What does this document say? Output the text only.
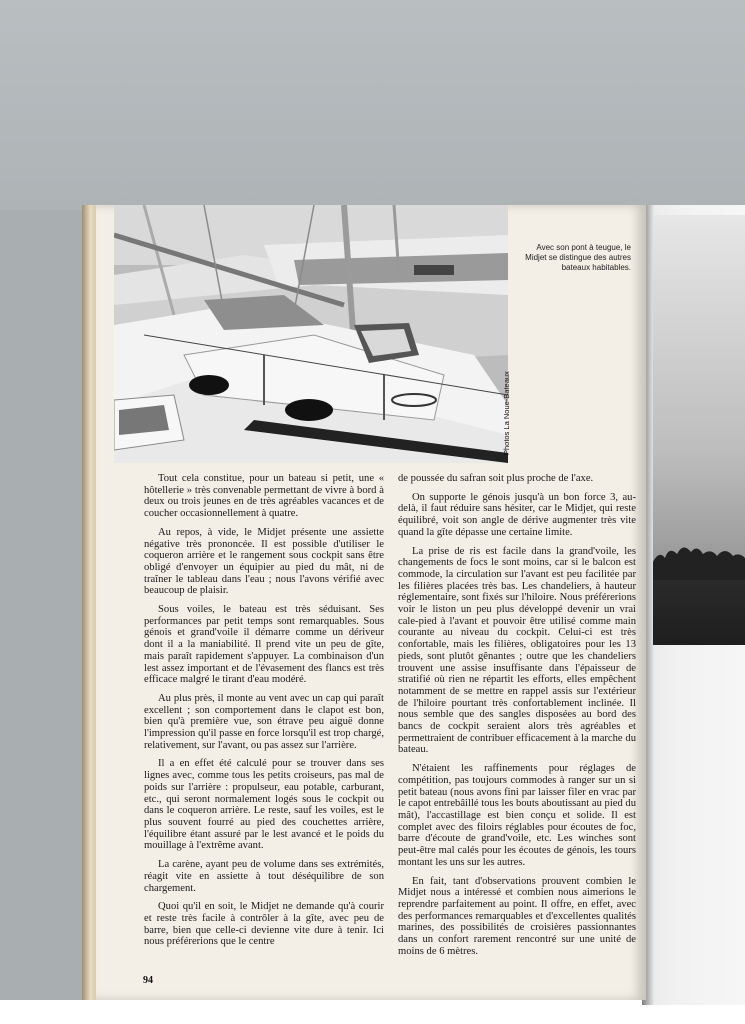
Avec son pont à teugue, le Midjet se distingue des autres bateaux habitables.
Photos La Noue-Bateaux

Tout cela constitue, pour un bateau si petit, une « hôtellerie » très convenable permettant de vivre à bord à deux ou trois jeunes en de très agréables vacances et de coucher occasionnellement à quatre.

Au repos, à vide, le Midjet présente une assiette négative très prononcée. Il est possible d'utiliser le coqueron arrière et le rangement sous cockpit sans être obligé d'envoyer un équipier au pied du mât, ni de traîner le tableau dans l'eau ; nous l'avons vérifié avec beaucoup de plaisir.

Sous voiles, le bateau est très séduisant. Ses performances par petit temps sont remarquables. Sous génois et grand'voile il démarre comme un dériveur dont il a la maniabilité. Il prend vite un peu de gîte, mais paraît rapidement s'appuyer. La combinaison d'un lest assez important et de l'évasement des flancs est très efficace malgré le tirant d'eau modéré.

Au plus près, il monte au vent avec un cap qui paraît excellent ; son comportement dans le clapot est bon, bien qu'à première vue, son étrave peu aiguë donne l'impression qu'il passe en force lorsqu'il est trop chargé, relativement, sur l'avant, ou pas assez sur l'arrière.

Il a en effet été calculé pour se trouver dans ses lignes avec, comme tous les petits croiseurs, pas mal de poids sur l'arrière : propulseur, eau potable, carburant, etc., qui seront normalement logés sous le cockpit ou dans le coqueron arrière. Le reste, sauf les voiles, est le plus souvent fourré au pied des couchettes arrière, l'équilibre étant assuré par le lest avancé et le poids du mouillage à l'extrême avant.

La carène, ayant peu de volume dans ses extrémités, réagit vite en assiette à tout déséquilibre de son chargement.

Quoi qu'il en soit, le Midjet ne demande qu'à courir et reste très facile à contrôler à la gîte, avec peu de barre, bien que celle-ci devienne vite dure à tenir. Ici nous préférerions que le centre

de poussée du safran soit plus proche de l'axe.

On supporte le génois jusqu'à un bon force 3, au-delà, il faut réduire sans hésiter, car le Midjet, qui reste équilibré, voit son angle de dérive augmenter très vite quand la gîte dépasse une certaine limite.

La prise de ris est facile dans la grand'voile, les changements de focs le sont moins, car si le balcon est commode, la circulation sur l'avant est peu facilitée par les filières placées très bas. Les chandeliers, à hauteur réglementaire, sont fixés sur l'hiloire. Nous préférerions voir le liston un peu plus développé devenir un vrai cale-pied à l'avant et pouvoir être utilisé comme main courante au niveau du cockpit. Celui-ci est très confortable, mais les filières, obligatoires pour les 13 pieds, sont plutôt gênantes ; outre que les chandeliers trouvent une assise insuffisante dans l'épaisseur de stratifié où rien ne répartit les efforts, elles empêchent notamment de se mettre en rappel assis sur l'extérieur de l'hiloire pourtant très confortablement inclinée. Il nous semble que des sangles disposées au bord des bancs de cockpit seraient alors très agréables et permettraient de contribuer efficacement à la marche du bateau.

N'étaient les raffinements pour réglages de compétition, pas toujours commodes à ranger sur un si petit bateau (nous avons fini par laisser filer en vrac par le capot entrebâillé tous les bouts aboutissant au pied du mât), l'accastillage est bien conçu et solide. Il est complet avec des filoirs réglables pour écoutes de foc, barre d'écoute de grand'voile, etc. Les winches sont peut-être mal calés pour les écoutes de génois, les tours montant les uns sur les autres.

En fait, tant d'observations prouvent combien le Midjet nous a intéressé et combien nous aimerions le reprendre parfaitement au point. Il offre, en effet, avec des performances remarquables et d'excellentes qualités marines, des possibilités de croisières passionnantes dans un confort rarement rencontré sur une unité de moins de 6 mètres.

94
